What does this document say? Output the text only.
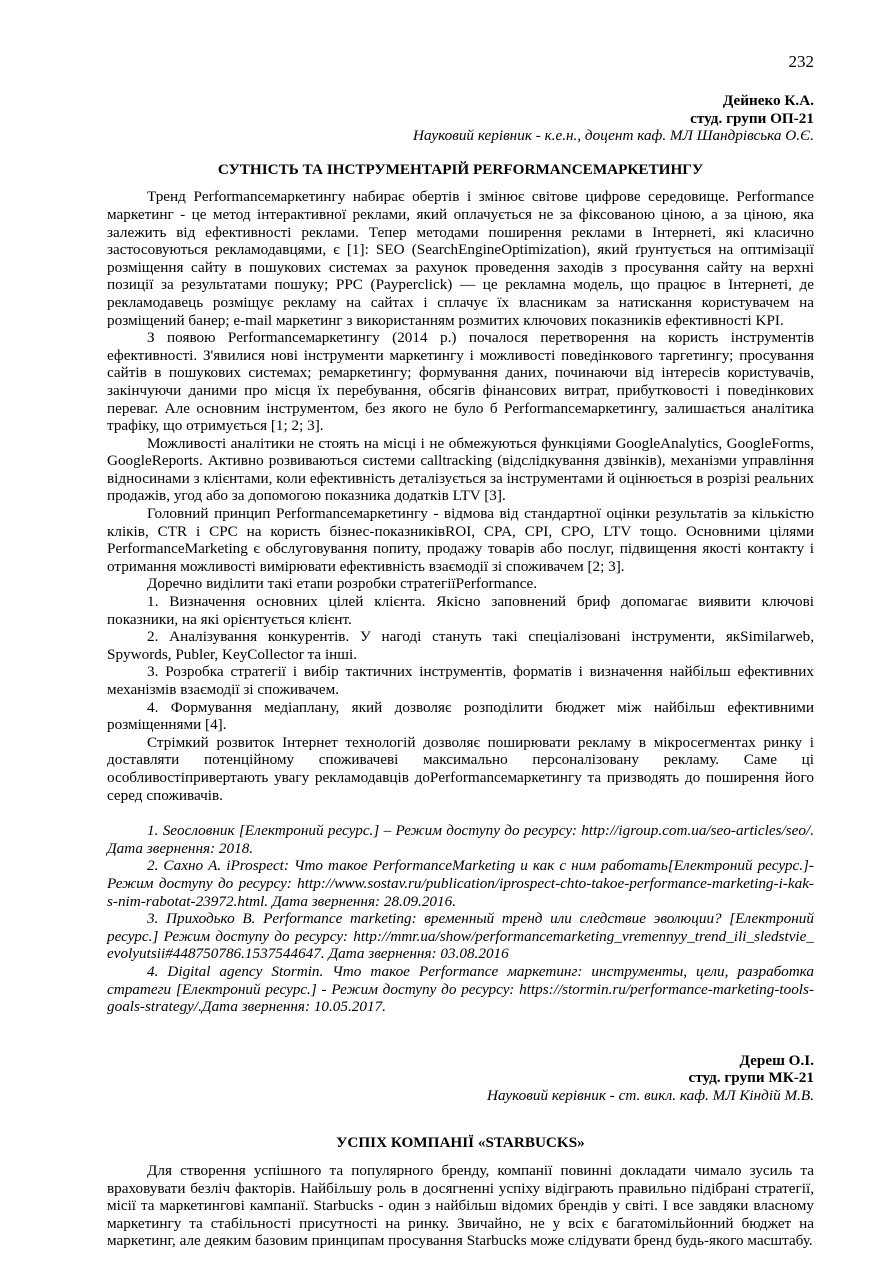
232
Дейнеко К.А.
студ. групи ОП-21
Науковий керівник - к.е.н., доцент каф. МЛ Шандрівська О.Є.
СУТНІСТЬ ТА ІНСТРУМЕНТАРІЙ PERFORMANCEМАРКЕТИНГУ

Тренд Performanceмаркетингу набирає обертів і змінює світове цифрове середовище. Performance маркетинг - це метод інтерактивної реклами, який оплачується не за фіксованою ціною, а за ціною, яка залежить від ефективності реклами. Тепер методами поширення реклами в Інтернеті, які класично застосовуються рекламодавцями, є [1]: SEO (SearchEngineOptimization), який ґрунтується на оптимізації розміщення сайту в пошукових системах за рахунок проведення заходів з просування сайту на верхні позиції за результатами пошуку; PPC (Payperclick) — це рекламна модель, що працює в Інтернеті, де рекламодавець розміщує рекламу на сайтах і сплачує їх власникам за натискання користувачем на розміщений банер; e-mail маркетинг з використанням розмитих ключових показників ефективності KPI.

З появою Performanceмаркетингу (2014 р.) почалося перетворення на користь інструментів ефективності. З'явилися нові інструменти маркетингу і можливості поведінкового таргетингу; просування сайтів в пошукових системах; ремаркетингу; формування даних, починаючи від інтересів користувачів, закінчуючи даними про місця їх перебування, обсягів фінансових витрат, прибутковості і поведінкових переваг. Але основним інструментом, без якого не було б Performanceмаркетингу, залишається аналітика трафіку, що отримується [1; 2; 3].

Можливості аналітики не стоять на місці і не обмежуються функціями GoogleAnalytics, GoogleForms, GoogleReports. Активно розвиваються системи calltracking (відслідкування дзвінків), механізми управління відносинами з клієнтами, коли ефективність деталізується за інструментами й оцінюється в розрізі реальних продажів, угод або за допомогою показника додатків LTV [3].

Головний принцип Performanceмаркетингу - відмова від стандартної оцінки результатів за кількістю кліків, CTR і CPC на користь бізнес-показниківROI, CPA, CPI, CPO, LTV тощо. Основними цілями PerformanceMarketing є обслуговування попиту, продажу товарів або послуг, підвищення якості контакту і отримання можливості вимірювати ефективність взаємодії зі споживачем [2; 3].

Доречно виділити такі етапи розробки стратегіїPerformance.

1. Визначення основних цілей клієнта. Якісно заповнений бриф допомагає виявити ключові показники, на які орієнтується клієнт.

2. Аналізування конкурентів. У нагоді стануть такі спеціалізовані інструменти, якSimilarweb, Spywords, Publer, KeyCollector та інші.

3. Розробка стратегії і вибір тактичних інструментів, форматів і визначення найбільш ефективних механізмів взаємодії зі споживачем.

4. Формування медіаплану, який дозволяє розподілити бюджет між найбільш ефективними розміщеннями [4].

Стрімкий розвиток Інтернет технологій дозволяє поширювати рекламу в мікросегментах ринку і доставляти потенційному споживачеві максимально персоналізовану рекламу. Саме ці особливостіпривертають увагу рекламодавців доPerformanceмаркетингу та призводять до поширення його серед споживачів.

1. Seословник [Електроний ресурс.] – Режим доступу до ресурсу: http://igroup.com.ua/seo-articles/seo/. Дата звернення: 2018.

2. Сахно А. iProspect: Что такое PerformanceMarketing и как с ним работать[Електроний ресурс.]- Режим доступу до ресурсу: http://www.sostav.ru/publication/iprospect-chto-takoe-performance-marketing-i-kak-s-nim-rabotat-23972.html. Дата звернення: 28.09.2016.

3. Приходько В. Performance marketing: временный тренд или следствие эволюции? [Електроний ресурс.] Режим доступу до ресурсу: http://mmr.ua/show/performancemarketing_vremennyy_trend_ili_sledstvie_ evolyutsii#448750786.1537544647. Дата звернення: 03.08.2016

4. Digital agency Stormin. Что такое Performance маркетинг: инструменты, цели, разработка стратеги [Електроний ресурс.] - Режим доступу до ресурсу: https://stormin.ru/performance-marketing-tools-goals-strategy/.Дата звернення: 10.05.2017.

Дереш О.І.
студ. групи МК-21
Науковий керівник - ст. викл. каф. МЛ Кіндій М.В.
УСПІХ КОМПАНІЇ «STARBUCKS»

Для створення успішного та популярного бренду, компанії повинні докладати чимало зусиль та враховувати безліч факторів. Найбільшу роль в досягненні успіху відіграють правильно підібрані стратегії, місії та маркетингові кампанії. Starbucks - один з найбільш відомих брендів у світі. І все завдяки власному маркетингу та стабільності присутності на ринку. Звичайно, не у всіх є багатомільйонний бюджет на маркетинг, але деяким базовим принципам просування Starbucks може слідувати бренд будь-якого масштабу.
